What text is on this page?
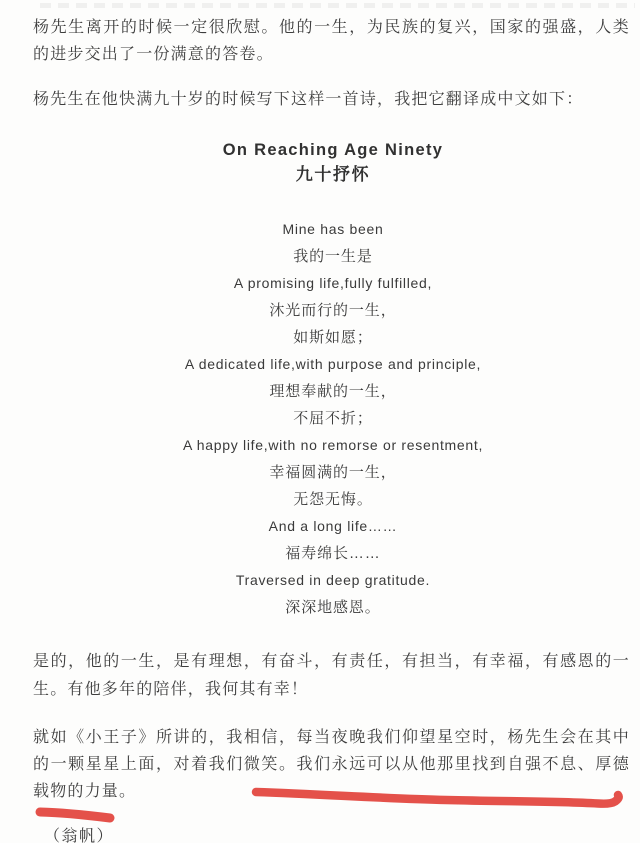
杨先生离开的时候一定很欣慰。他的一生，为民族的复兴，国家的强盛，人类的进步交出了一份满意的答卷。

杨先生在他快满九十岁的时候写下这样一首诗，我把它翻译成中文如下：

On Reaching Age Ninety
九十抒怀
Mine has been
我的一生是
A promising life,fully fulfilled,
沐光而行的一生，
如斯如愿；
A dedicated life,with purpose and principle,
理想奉献的一生，
不屈不折；
A happy life,with no remorse or resentment,
幸福圆满的一生，
无怨无悔。
And a long life……
福寿绵长……
Traversed in deep gratitude.
深深地感恩。

是的，他的一生，是有理想，有奋斗，有责任，有担当，有幸福，有感恩的一生。有他多年的陪伴，我何其有幸！

就如《小王子》所讲的，我相信，每当夜晚我们仰望星空时，杨先生会在其中的一颗星星上面，对着我们微笑。我们永远可以从他那里找到自强不息、厚德载物的力量。

（翁帆）
